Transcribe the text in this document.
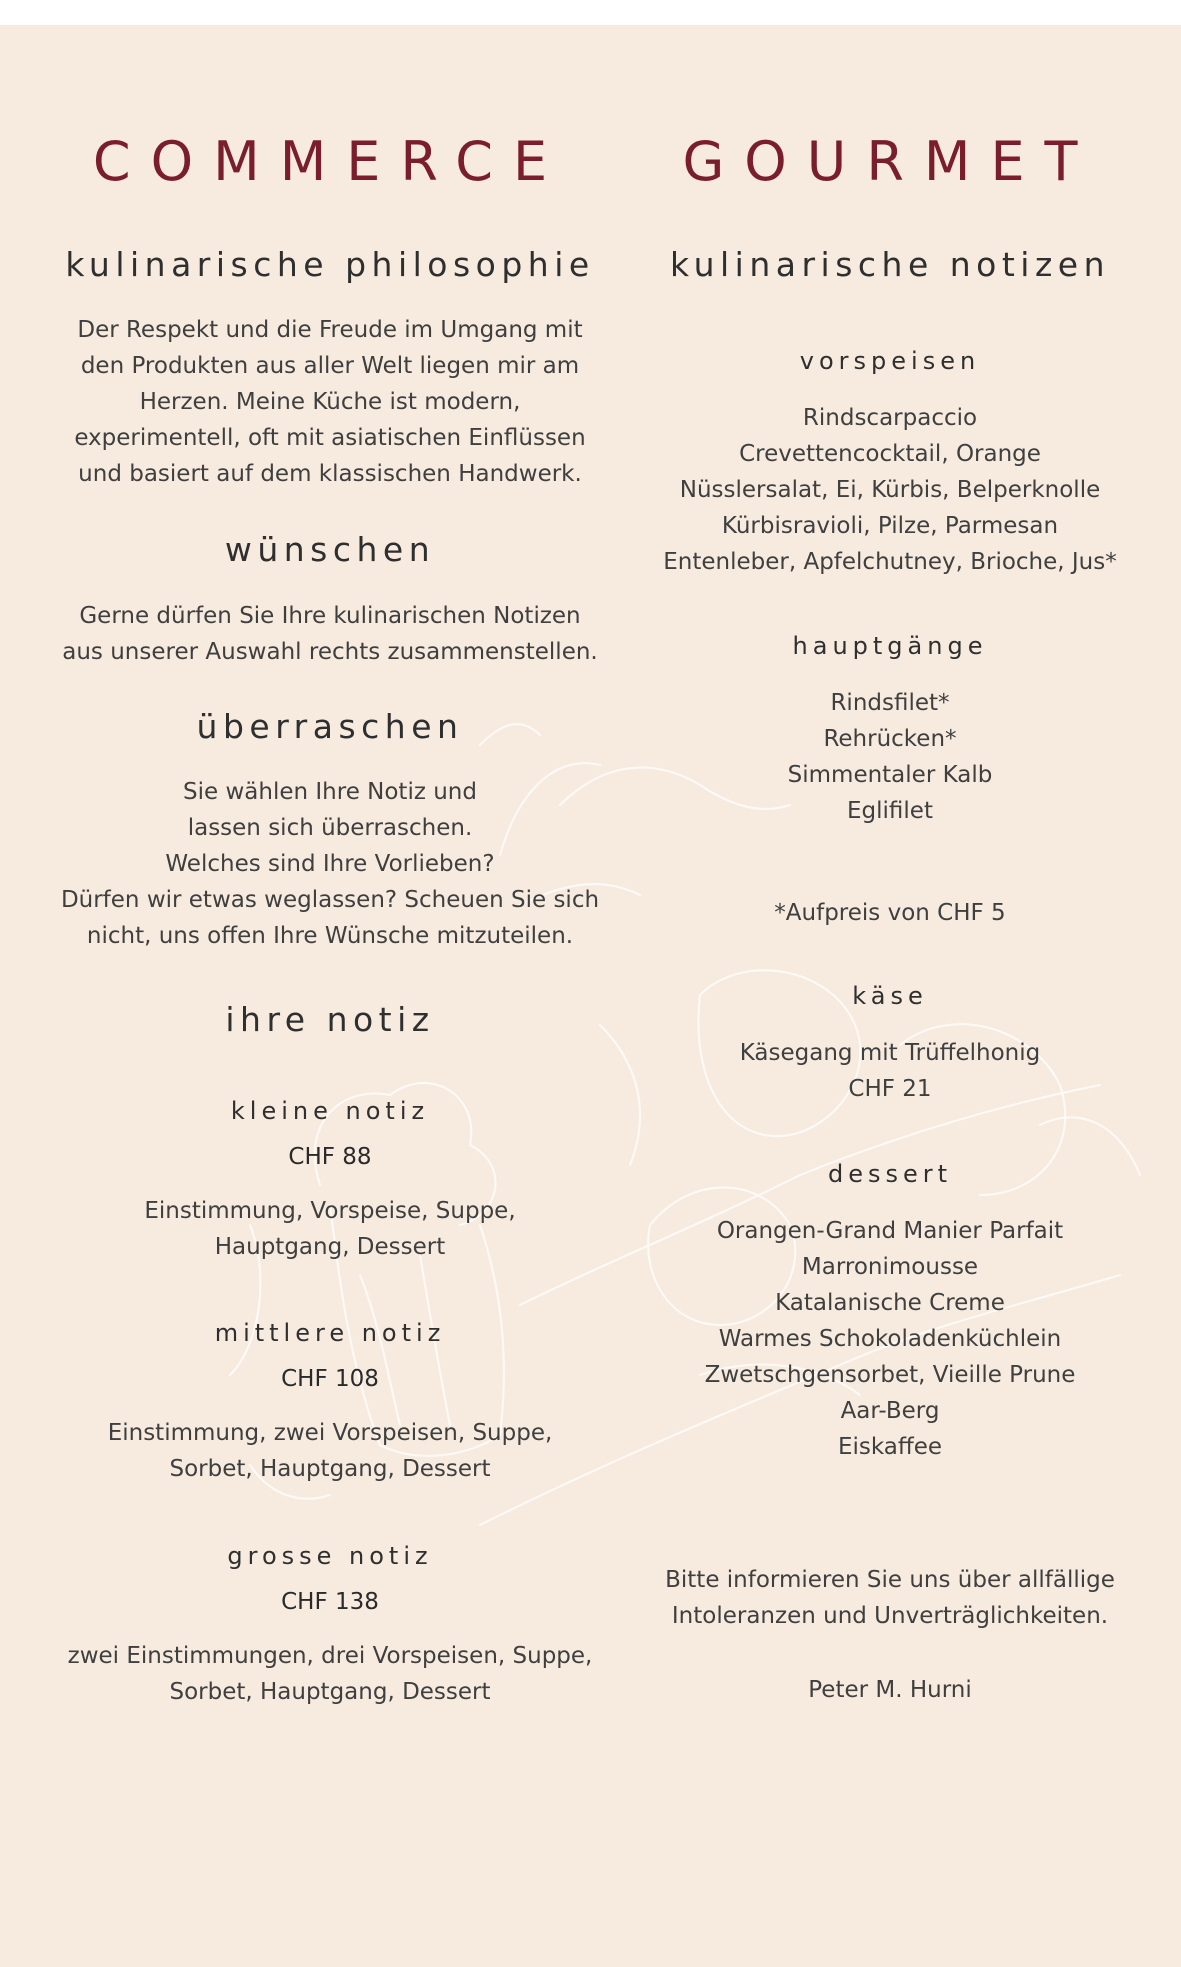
COMMERCE
kulinarische philosophie

Der Respekt und die Freude im Umgang mit
den Produkten aus aller Welt liegen mir am
Herzen. Meine Küche ist modern,
experimentell, oft mit asiatischen Einflüssen
und basiert auf dem klassischen Handwerk.

wünschen

Gerne dürfen Sie Ihre kulinarischen Notizen
aus unserer Auswahl rechts zusammenstellen.

überraschen

Sie wählen Ihre Notiz und
lassen sich überraschen.
Welches sind Ihre Vorlieben?
Dürfen wir etwas weglassen? Scheuen Sie sich
nicht, uns offen Ihre Wünsche mitzuteilen.

ihre notiz
kleine notiz

CHF 88

Einstimmung, Vorspeise, Suppe,
Hauptgang, Dessert

mittlere notiz

CHF 108

Einstimmung, zwei Vorspeisen, Suppe,
Sorbet, Hauptgang, Dessert

grosse notiz

CHF 138

zwei Einstimmungen, drei Vorspeisen, Suppe,
Sorbet, Hauptgang, Dessert

GOURMET
kulinarische notizen
vorspeisen

Rindscarpaccio
Crevettencocktail, Orange
Nüsslersalat, Ei, Kürbis, Belperknolle
Kürbisravioli, Pilze, Parmesan
Entenleber, Apfelchutney, Brioche, Jus*

hauptgänge

Rindsfilet*
Rehrücken*
Simmentaler Kalb
Eglifilet

*Aufpreis von CHF 5

käse

Käsegang mit Trüffelhonig
CHF 21

dessert

Orangen-Grand Manier Parfait
Marronimousse
Katalanische Creme
Warmes Schokoladenküchlein
Zwetschgensorbet, Vieille Prune
Aar-Berg
Eiskaffee

Bitte informieren Sie uns über allfällige
Intoleranzen und Unverträglichkeiten.

Peter M. Hurni
